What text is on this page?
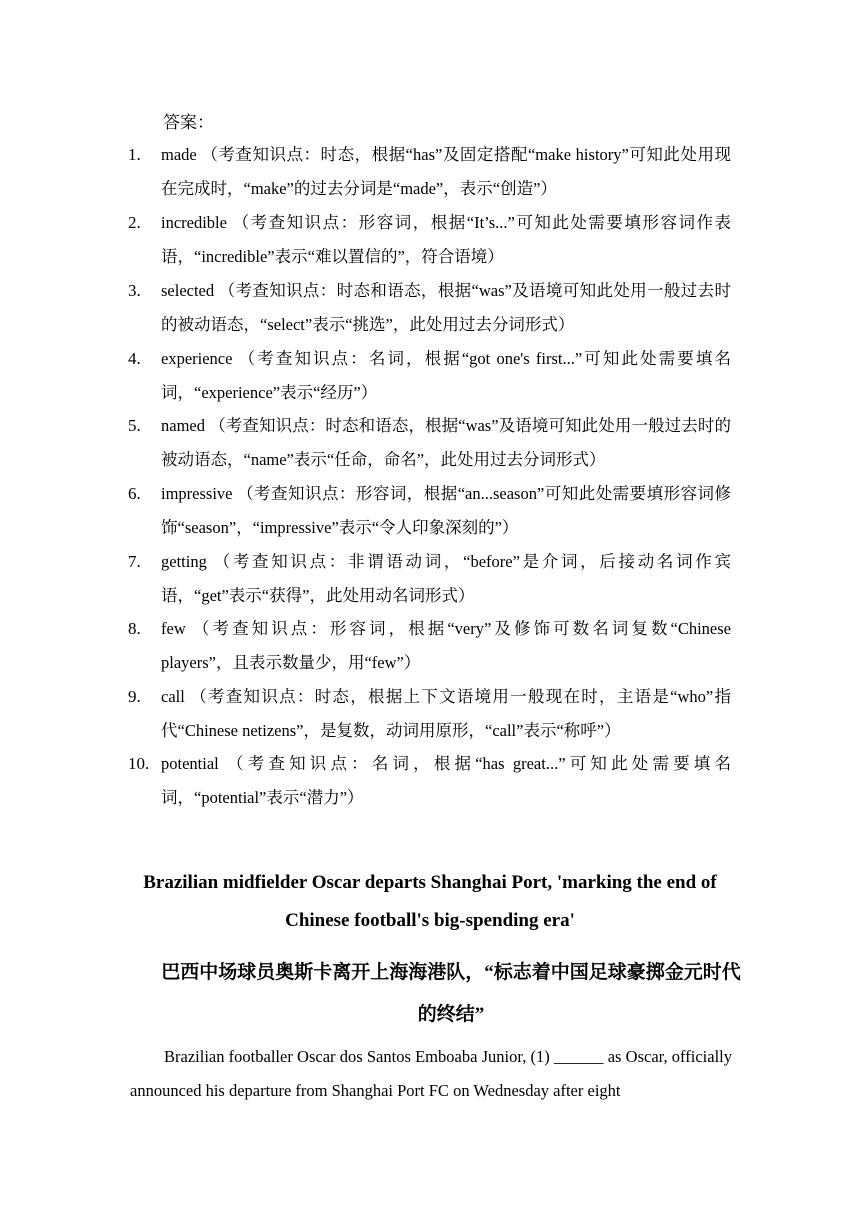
答案：
1.	made （考查知识点：时态，根据“has”及固定搭配“make history”可知此处用现在完成时，“make”的过去分词是“made”，表示“创造”）
2.	incredible （考查知识点：形容词，根据“It’s...”可知此处需要填形容词作表语，“incredible”表示“难以置信的”，符合语境）
3.	selected （考查知识点：时态和语态，根据“was”及语境可知此处用一般过去时的被动语态，“select”表示“挑选”，此处用过去分词形式）
4.	experience （考查知识点：名词，根据“got one's first...”可知此处需要填名词，“experience”表示“经历”）
5.	named （考查知识点：时态和语态，根据“was”及语境可知此处用一般过去时的被动语态，“name”表示“任命，命名”，此处用过去分词形式）
6.	impressive （考查知识点：形容词，根据“an...season”可知此处需要填形容词修饰“season”，“impressive”表示“令人印象深刻的”）
7.	getting （考查知识点：非谓语动词，“before”是介词，后接动名词作宾语，“get”表示“获得”，此处用动名词形式）
8.	few （考查知识点：形容词，根据“very”及修饰可数名词复数“Chinese players”，且表示数量少，用“few”）
9.	call （考查知识点：时态，根据上下文语境用一般现在时，主语是“who”指代“Chinese netizens”，是复数，动词用原形，“call”表示“称呼”）
10. potential （考查知识点：名词，根据“has great...”可知此处需要填名词，“potential”表示“潜力”）
Brazilian midfielder Oscar departs Shanghai Port, 'marking the end of Chinese football's big-spending era'
巴西中场球员奥斯卡离开上海海港队，“标志着中国足球豪掷金元时代的终结”

Brazilian footballer Oscar dos Santos Emboaba Junior, (1) ______ as Oscar, officially announced his departure from Shanghai Port FC on Wednesday after eight
